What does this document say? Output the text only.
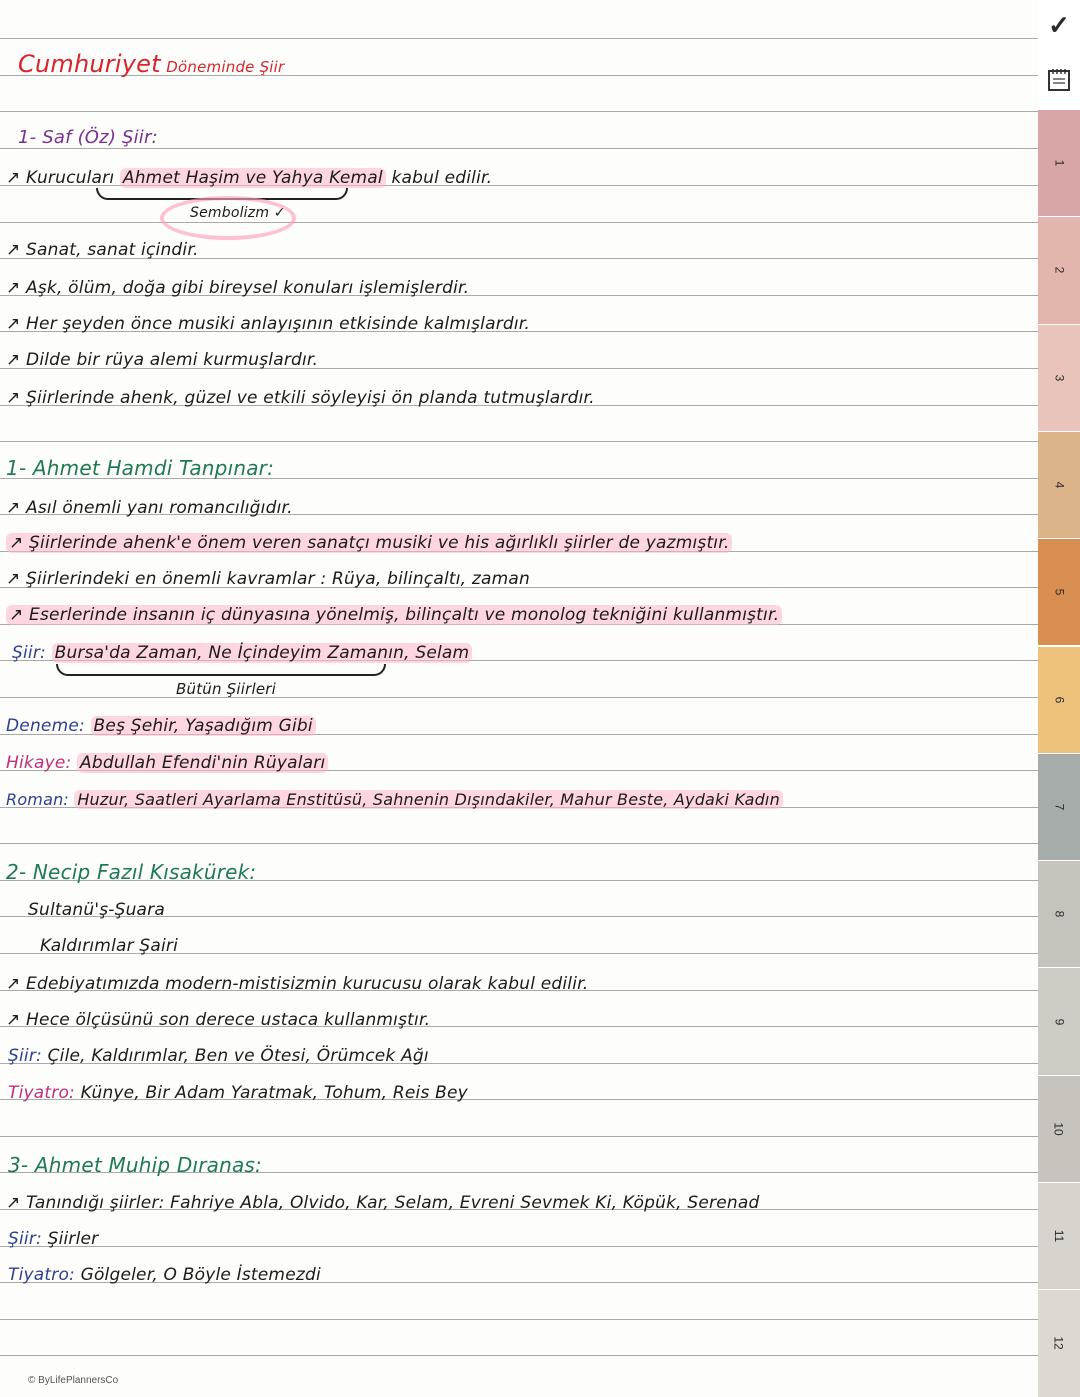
Cumhuriyet Döneminde Şiir
1- Saf (Öz) Şiir:
↗ Kurucuları Ahmet Haşim ve Yahya Kemal kabul edilir.
Sembolizm ✓
↗ Sanat, sanat içindir.
↗ Aşk, ölüm, doğa gibi bireysel konuları işlemişlerdir.
↗ Her şeyden önce musiki anlayışının etkisinde kalmışlardır.
↗ Dilde bir rüya alemi kurmuşlardır.
↗ Şiirlerinde ahenk, güzel ve etkili söyleyişi ön planda tutmuşlardır.
1- Ahmet Hamdi Tanpınar:
↗ Asıl önemli yanı romancılığıdır.
↗ Şiirlerinde ahenk'e önem veren sanatçı musiki ve his ağırlıklı şiirler de yazmıştır.
↗ Şiirlerindeki en önemli kavramlar : Rüya, bilinçaltı, zaman
↗ Eserlerinde insanın iç dünyasına yönelmiş, bilinçaltı ve monolog tekniğini kullanmıştır.
Şiir: Bursa'da Zaman, Ne İçindeyim Zamanın, Selam
Bütün Şiirleri
Deneme: Beş Şehir, Yaşadığım Gibi
Hikaye: Abdullah Efendi'nin Rüyaları
Roman: Huzur, Saatleri Ayarlama Enstitüsü, Sahnenin Dışındakiler, Mahur Beste, Aydaki Kadın
2- Necip Fazıl Kısakürek:
Sultanü'ş-Şuara
Kaldırımlar Şairi
↗ Edebiyatımızda modern-mistisizmin kurucusu olarak kabul edilir.
↗ Hece ölçüsünü son derece ustaca kullanmıştır.
Şiir: Çile, Kaldırımlar, Ben ve Ötesi, Örümcek Ağı
Tiyatro: Künye, Bir Adam Yaratmak, Tohum, Reis Bey
3- Ahmet Muhip Dıranas:
↗ Tanındığı şiirler: Fahriye Abla, Olvido, Kar, Selam, Evreni Sevmek Ki, Köpük, Serenad
Şiir: Şiirler
Tiyatro: Gölgeler, O Böyle İstemezdi
© ByLifePlannersCo
✓
1
2
3
4
5
6
7
8
9
10
11
12
